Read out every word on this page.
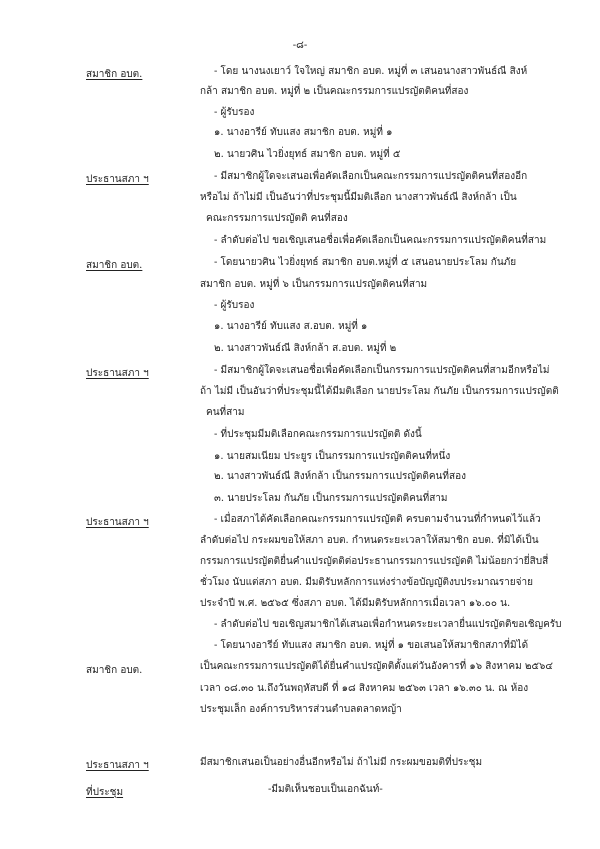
-๘-
สมาชิก อบต.
ประธานสภา ฯ
สมาชิก อบต.
ประธานสภา ฯ
ประธานสภา ฯ
สมาชิก อบต.
ประธานสภา ฯ
ที่ประชุม
- โดย นางนงเยาว์ ใจใหญ่ สมาชิก อบต. หมู่ที่ ๓ เสนอนางสาวพันธ์ณี สิงห์
กล้า สมาชิก อบต. หมู่ที่ ๒ เป็นคณะกรรมการแปรญัตติคนที่สอง
- ผู้รับรอง
๑. นางอารีย์ ทับแสง สมาชิก อบต. หมู่ที่ ๑
๒. นายวศิน ไวยิ่งยุทธ์ สมาชิก อบต. หมู่ที่ ๕
- มีสมาชิกผู้ใดจะเสนอเพื่อคัดเลือกเป็นคณะกรรมการแปรญัตติคนที่สองอีก
หรือไม่ ถ้าไม่มี เป็นอันว่าที่ประชุมนี้มีมติเลือก นางสาวพันธ์ณี สิงห์กล้า เป็น
คณะกรรมการแปรญัตติ คนที่สอง
- ลำดับต่อไป ขอเชิญเสนอชื่อเพื่อคัดเลือกเป็นคณะกรรมการแปรญัตติคนที่สาม
- โดยนายวศิน ไวยิ่งยุทธ์ สมาชิก อบต.หมู่ที่ ๕ เสนอนายประโลม กันภัย
สมาชิก อบต. หมู่ที่ ๖ เป็นกรรมการแปรญัตติคนที่สาม
- ผู้รับรอง
๑. นางอารีย์ ทับแสง ส.อบต. หมู่ที่ ๑
๒. นางสาวพันธ์ณี สิงห์กล้า ส.อบต. หมู่ที่ ๒
- มีสมาชิกผู้ใดจะเสนอชื่อเพื่อคัดเลือกเป็นกรรมการแปรญัตติคนที่สามอีกหรือไม่
ถ้า ไม่มี เป็นอันว่าที่ประชุมนี้ได้มีมติเลือก นายประโลม กันภัย เป็นกรรมการแปรญัตติ
คนที่สาม
- ที่ประชุมมีมติเลือกคณะกรรมการแปรญัตติ ดังนี้
๑. นายสมเนียม ประยูร เป็นกรรมการแปรญัตติคนที่หนึ่ง
๒. นางสาวพันธ์ณี สิงห์กล้า เป็นกรรมการแปรญัตติคนที่สอง
๓. นายประโลม กันภัย เป็นกรรมการแปรญัตติคนที่สาม
- เมื่อสภาได้คัดเลือกคณะกรรมการแปรญัตติ ครบตามจำนวนที่กำหนดไว้แล้ว
ลำดับต่อไป กระผมขอให้สภา อบต. กำหนดระยะเวลาให้สมาชิก อบต. ที่มิได้เป็น
กรรมการแปรญัตติยื่นคำแปรญัตติต่อประธานกรรมการแปรญัตติ ไม่น้อยกว่ายี่สิบสี่
ชั่วโมง นับแต่สภา อบต. มีมติรับหลักการแห่งร่างข้อบัญญัติงบประมาณรายจ่าย
ประจำปี พ.ศ. ๒๕๖๕ ซึ่งสภา อบต. ได้มีมติรับหลักการเมื่อเวลา ๑๖.๐๐ น.
- ลำดับต่อไป ขอเชิญสมาชิกได้เสนอเพื่อกำหนดระยะเวลายื่นแปรญัตติขอเชิญครับ
- โดยนางอารีย์ ทับแสง สมาชิก อบต. หมู่ที่ ๑ ขอเสนอให้สมาชิกสภาที่มิได้
เป็นคณะกรรมการแปรญัตติได้ยื่นคำแปรญัตติตั้งแต่วันอังคารที่ ๑๖ สิงหาคม ๒๕๖๔
เวลา ๐๘.๓๐ น.ถึงวันพฤหัสบดี ที่ ๑๘ สิงหาคม ๒๕๖๓ เวลา ๑๖.๓๐ น. ณ ห้อง
ประชุมเล็ก องค์การบริหารส่วนตำบลตลาดหญ้า
มีสมาชิกเสนอเป็นอย่างอื่นอีกหรือไม่ ถ้าไม่มี กระผมขอมติที่ประชุม
-มีมติเห็นชอบเป็นเอกฉันท์-
